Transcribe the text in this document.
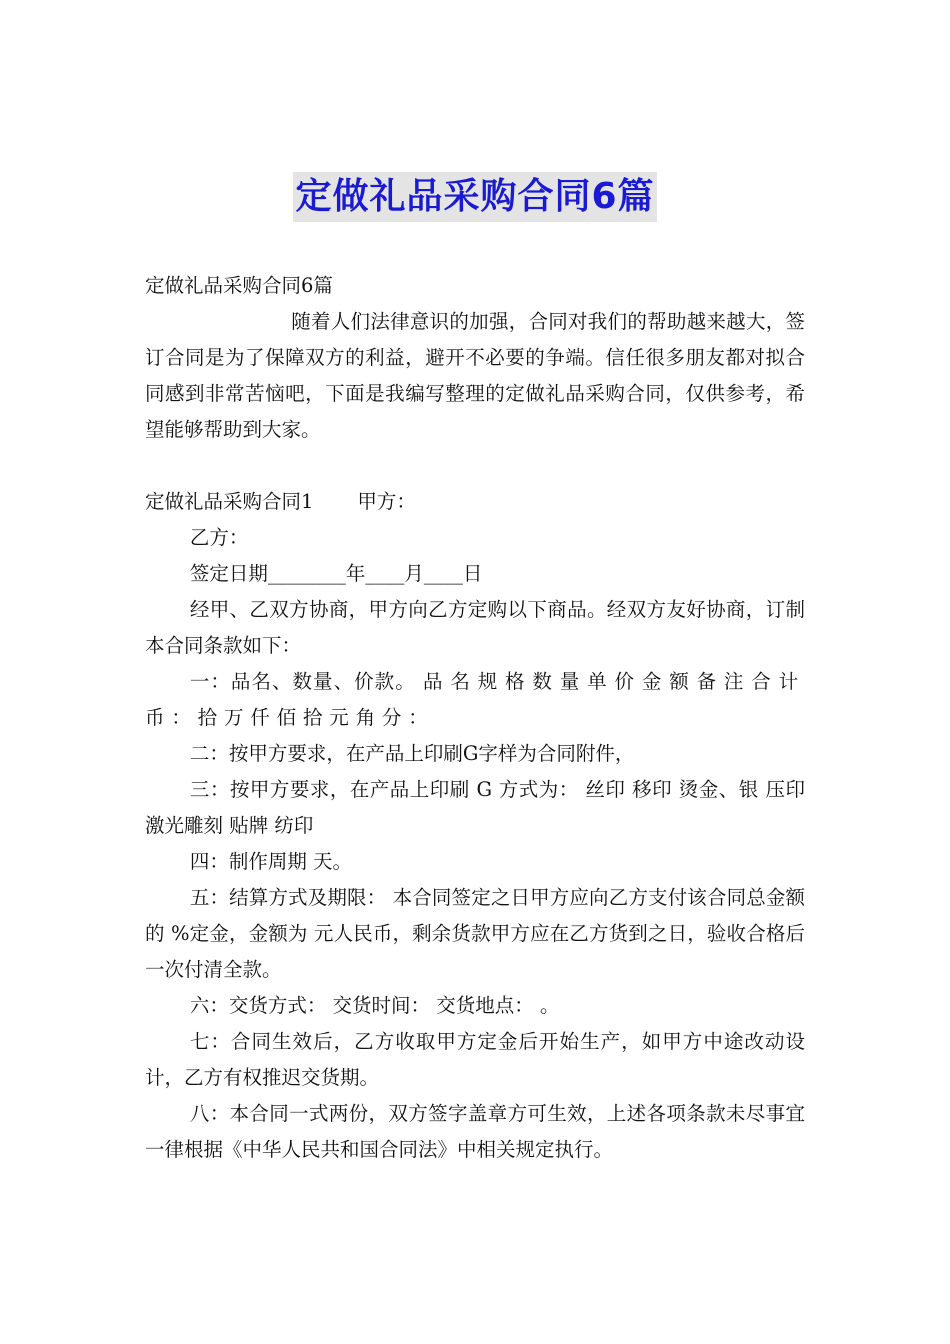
定做礼品采购合同6篇

定做礼品采购合同6篇

随着人们法律意识的加强，合同对我们的帮助越来越大，签订合同是为了保障双方的利益，避开不必要的争端。信任很多朋友都对拟合同感到非常苦恼吧，下面是我编写整理的定做礼品采购合同，仅供参考，希望能够帮助到大家。

定做礼品采购合同1 甲方：

乙方：

签定日期________年____月____日

经甲、乙双方协商，甲方向乙方定购以下商品。经双方友好协商，订制本合同条款如下：

一：品名、数量、价款。 品名规格数量单价金额备注合计币：拾万仟佰拾元角分：

二：按甲方要求，在产品上印刷G字样为合同附件，

三：按甲方要求，在产品上印刷 G 方式为： 丝印 移印 烫金、银 压印 激光雕刻 贴牌 纺印

四：制作周期 天。

五：结算方式及期限： 本合同签定之日甲方应向乙方支付该合同总金额的 %定金，金额为 元人民币，剩余货款甲方应在乙方货到之日，验收合格后一次付清全款。

六：交货方式： 交货时间： 交货地点： 。

七：合同生效后，乙方收取甲方定金后开始生产，如甲方中途改动设计，乙方有权推迟交货期。

八：本合同一式两份，双方签字盖章方可生效，上述各项条款未尽事宜一律根据《中华人民共和国合同法》中相关规定执行。
